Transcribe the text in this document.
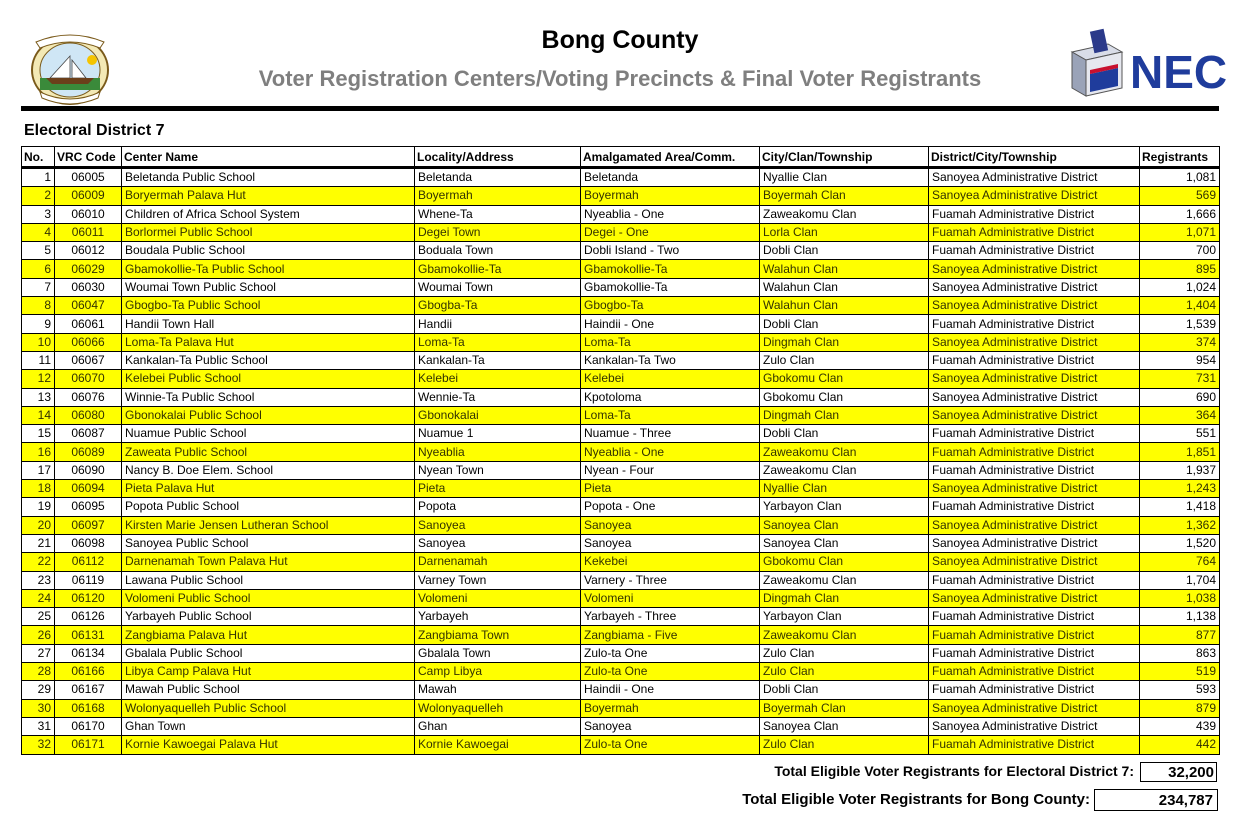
Bong County
Voter Registration Centers/Voting Precincts & Final Voter Registrants	NEC
Electoral District 7
No.	VRC Code	Center Name	Locality/Address	Amalgamated Area/Comm.	City/Clan/Township	District/City/Township	Registrants
1	06005	Beletanda Public School	Beletanda	Beletanda	Nyallie Clan	Sanoyea Administrative District	1,081
2	06009	Boryermah Palava Hut	Boyermah	Boyermah	Boyermah Clan	Sanoyea Administrative District	569
3	06010	Children of Africa School System	Whene-Ta	Nyeablia - One	Zaweakomu Clan	Fuamah Administrative District	1,666
4	06011	Borlormei Public School	Degei Town	Degei - One	Lorla Clan	Fuamah Administrative District	1,071
5	06012	Boudala Public School	Boduala Town	Dobli Island - Two	Dobli Clan	Fuamah Administrative District	700
6	06029	Gbamokollie-Ta Public School	Gbamokollie-Ta	Gbamokollie-Ta	Walahun Clan	Sanoyea Administrative District	895
7	06030	Woumai Town Public School	Woumai Town	Gbamokollie-Ta	Walahun Clan	Sanoyea Administrative District	1,024
8	06047	Gbogbo-Ta Public School	Gbogba-Ta	Gbogbo-Ta	Walahun Clan	Sanoyea Administrative District	1,404
9	06061	Handii Town Hall	Handii	Haindii - One	Dobli Clan	Fuamah Administrative District	1,539
10	06066	Loma-Ta Palava Hut	Loma-Ta	Loma-Ta	Dingmah Clan	Sanoyea Administrative District	374
11	06067	Kankalan-Ta Public School	Kankalan-Ta	Kankalan-Ta Two	Zulo Clan	Fuamah Administrative District	954
12	06070	Kelebei Public School	Kelebei	Kelebei	Gbokomu Clan	Sanoyea Administrative District	731
13	06076	Winnie-Ta Public School	Wennie-Ta	Kpotoloma	Gbokomu Clan	Sanoyea Administrative District	690
14	06080	Gbonokalai Public School	Gbonokalai	Loma-Ta	Dingmah Clan	Sanoyea Administrative District	364
15	06087	Nuamue Public School	Nuamue 1	Nuamue - Three	Dobli Clan	Fuamah Administrative District	551
16	06089	Zaweata Public School	Nyeablia	Nyeablia - One	Zaweakomu Clan	Fuamah Administrative District	1,851
17	06090	Nancy B. Doe Elem. School	Nyean Town	Nyean - Four	Zaweakomu Clan	Fuamah Administrative District	1,937
18	06094	Pieta Palava Hut	Pieta	Pieta	Nyallie Clan	Sanoyea Administrative District	1,243
19	06095	Popota Public School	Popota	Popota - One	Yarbayon Clan	Fuamah Administrative District	1,418
20	06097	Kirsten Marie Jensen Lutheran School	Sanoyea	Sanoyea	Sanoyea Clan	Sanoyea Administrative District	1,362
21	06098	Sanoyea Public School	Sanoyea	Sanoyea	Sanoyea Clan	Sanoyea Administrative District	1,520
22	06112	Darnenamah Town Palava Hut	Darnenamah	Kekebei	Gbokomu Clan	Sanoyea Administrative District	764
23	06119	Lawana Public School	Varney Town	Varnery - Three	Zaweakomu Clan	Fuamah Administrative District	1,704
24	06120	Volomeni Public School	Volomeni	Volomeni	Dingmah Clan	Sanoyea Administrative District	1,038
25	06126	Yarbayeh Public School	Yarbayeh	Yarbayeh - Three	Yarbayon Clan	Fuamah Administrative District	1,138
26	06131	Zangbiama Palava Hut	Zangbiama Town	Zangbiama - Five	Zaweakomu Clan	Fuamah Administrative District	877
27	06134	Gbalala Public School	Gbalala Town	Zulo-ta One	Zulo Clan	Fuamah Administrative District	863
28	06166	Libya Camp Palava Hut	Camp Libya	Zulo-ta One	Zulo Clan	Fuamah Administrative District	519
29	06167	Mawah Public School	Mawah	Haindii - One	Dobli Clan	Fuamah Administrative District	593
30	06168	Wolonyaquelleh Public School	Wolonyaquelleh	Boyermah	Boyermah Clan	Sanoyea Administrative District	879
31	06170	Ghan Town	Ghan	Sanoyea	Sanoyea Clan	Sanoyea Administrative District	439
32	06171	Kornie Kawoegai Palava Hut	Kornie Kawoegai	Zulo-ta One	Zulo Clan	Fuamah Administrative District	442
Total Eligible Voter Registrants for Electoral District 7:	32,200
Total Eligible Voter Registrants for Bong County:	234,787
